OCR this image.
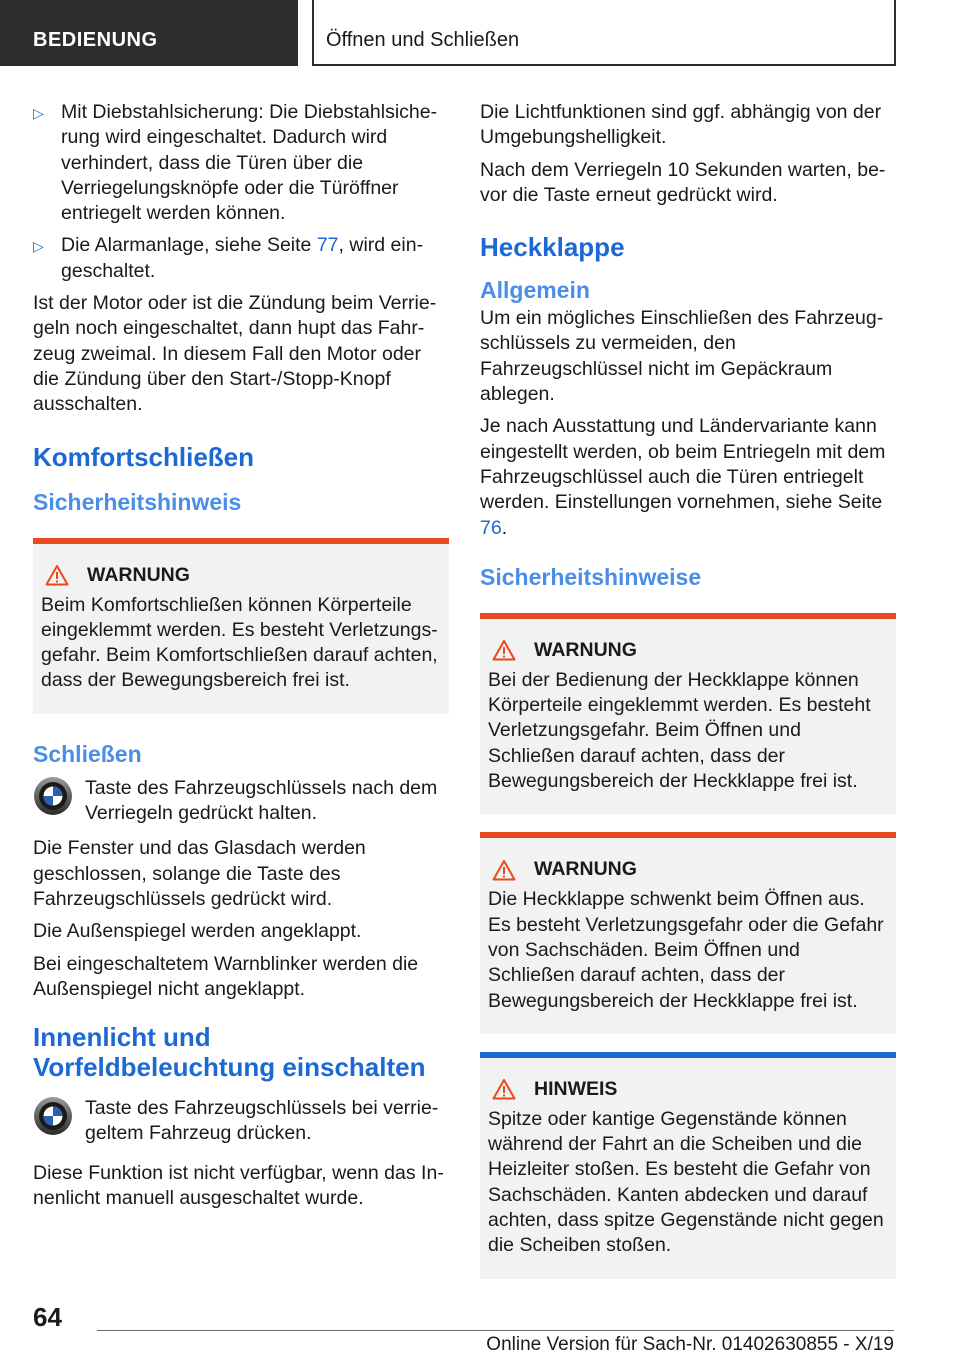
BEDIENUNG	Öffnen und Schließen
▷ Mit Diebstahlsicherung: Die Diebstahlsicherung wird eingeschaltet. Dadurch wird verhindert, dass die Türen über die Verriegelungsknöpfe oder die Türöffner entriegelt werden können.
▷ Die Alarmanlage, siehe Seite 77, wird eingeschaltet.

Ist der Motor oder ist die Zündung beim Verriegeln noch eingeschaltet, dann hupt das Fahrzeug zweimal. In diesem Fall den Motor oder die Zündung über den Start-/Stopp-Knopf ausschalten.

Komfortschließen
Sicherheitshinweis
WARNUNG
Beim Komfortschließen können Körperteile eingeklemmt werden. Es besteht Verletzungsgefahr. Beim Komfortschließen darauf achten, dass der Bewegungsbereich frei ist.
Schließen
Taste des Fahrzeugschlüssels nach dem Verriegeln gedrückt halten.

Die Fenster und das Glasdach werden geschlossen, solange die Taste des Fahrzeugschlüssels gedrückt wird.

Die Außenspiegel werden angeklappt.

Bei eingeschaltetem Warnblinker werden die Außenspiegel nicht angeklappt.

Innenlicht und
Vorfeldbeleuchtung einschalten
Taste des Fahrzeugschlüssels bei verriegeltem Fahrzeug drücken.

Diese Funktion ist nicht verfügbar, wenn das Innenlicht manuell ausgeschaltet wurde.

Die Lichtfunktionen sind ggf. abhängig von der Umgebungshelligkeit.

Nach dem Verriegeln 10 Sekunden warten, bevor die Taste erneut gedrückt wird.

Heckklappe
Allgemein

Um ein mögliches Einschließen des Fahrzeugschlüssels zu vermeiden, den Fahrzeugschlüssel nicht im Gepäckraum ablegen.

Je nach Ausstattung und Ländervariante kann eingestellt werden, ob beim Entriegeln mit dem Fahrzeugschlüssel auch die Türen entriegelt werden. Einstellungen vornehmen, siehe Seite 76.

Sicherheitshinweise
WARNUNG
Bei der Bedienung der Heckklappe können Körperteile eingeklemmt werden. Es besteht Verletzungsgefahr. Beim Öffnen und Schließen darauf achten, dass der Bewegungsbereich der Heckklappe frei ist.
WARNUNG
Die Heckklappe schwenkt beim Öffnen aus. Es besteht Verletzungsgefahr oder die Gefahr von Sachschäden. Beim Öffnen und Schließen darauf achten, dass der Bewegungsbereich der Heckklappe frei ist.
HINWEIS
Spitze oder kantige Gegenstände können während der Fahrt an die Scheiben und die Heizleiter stoßen. Es besteht die Gefahr von Sachschäden. Kanten abdecken und darauf achten, dass spitze Gegenstände nicht gegen die Scheiben stoßen.
64
Online Version für Sach-Nr. 01402630855 - X/19
